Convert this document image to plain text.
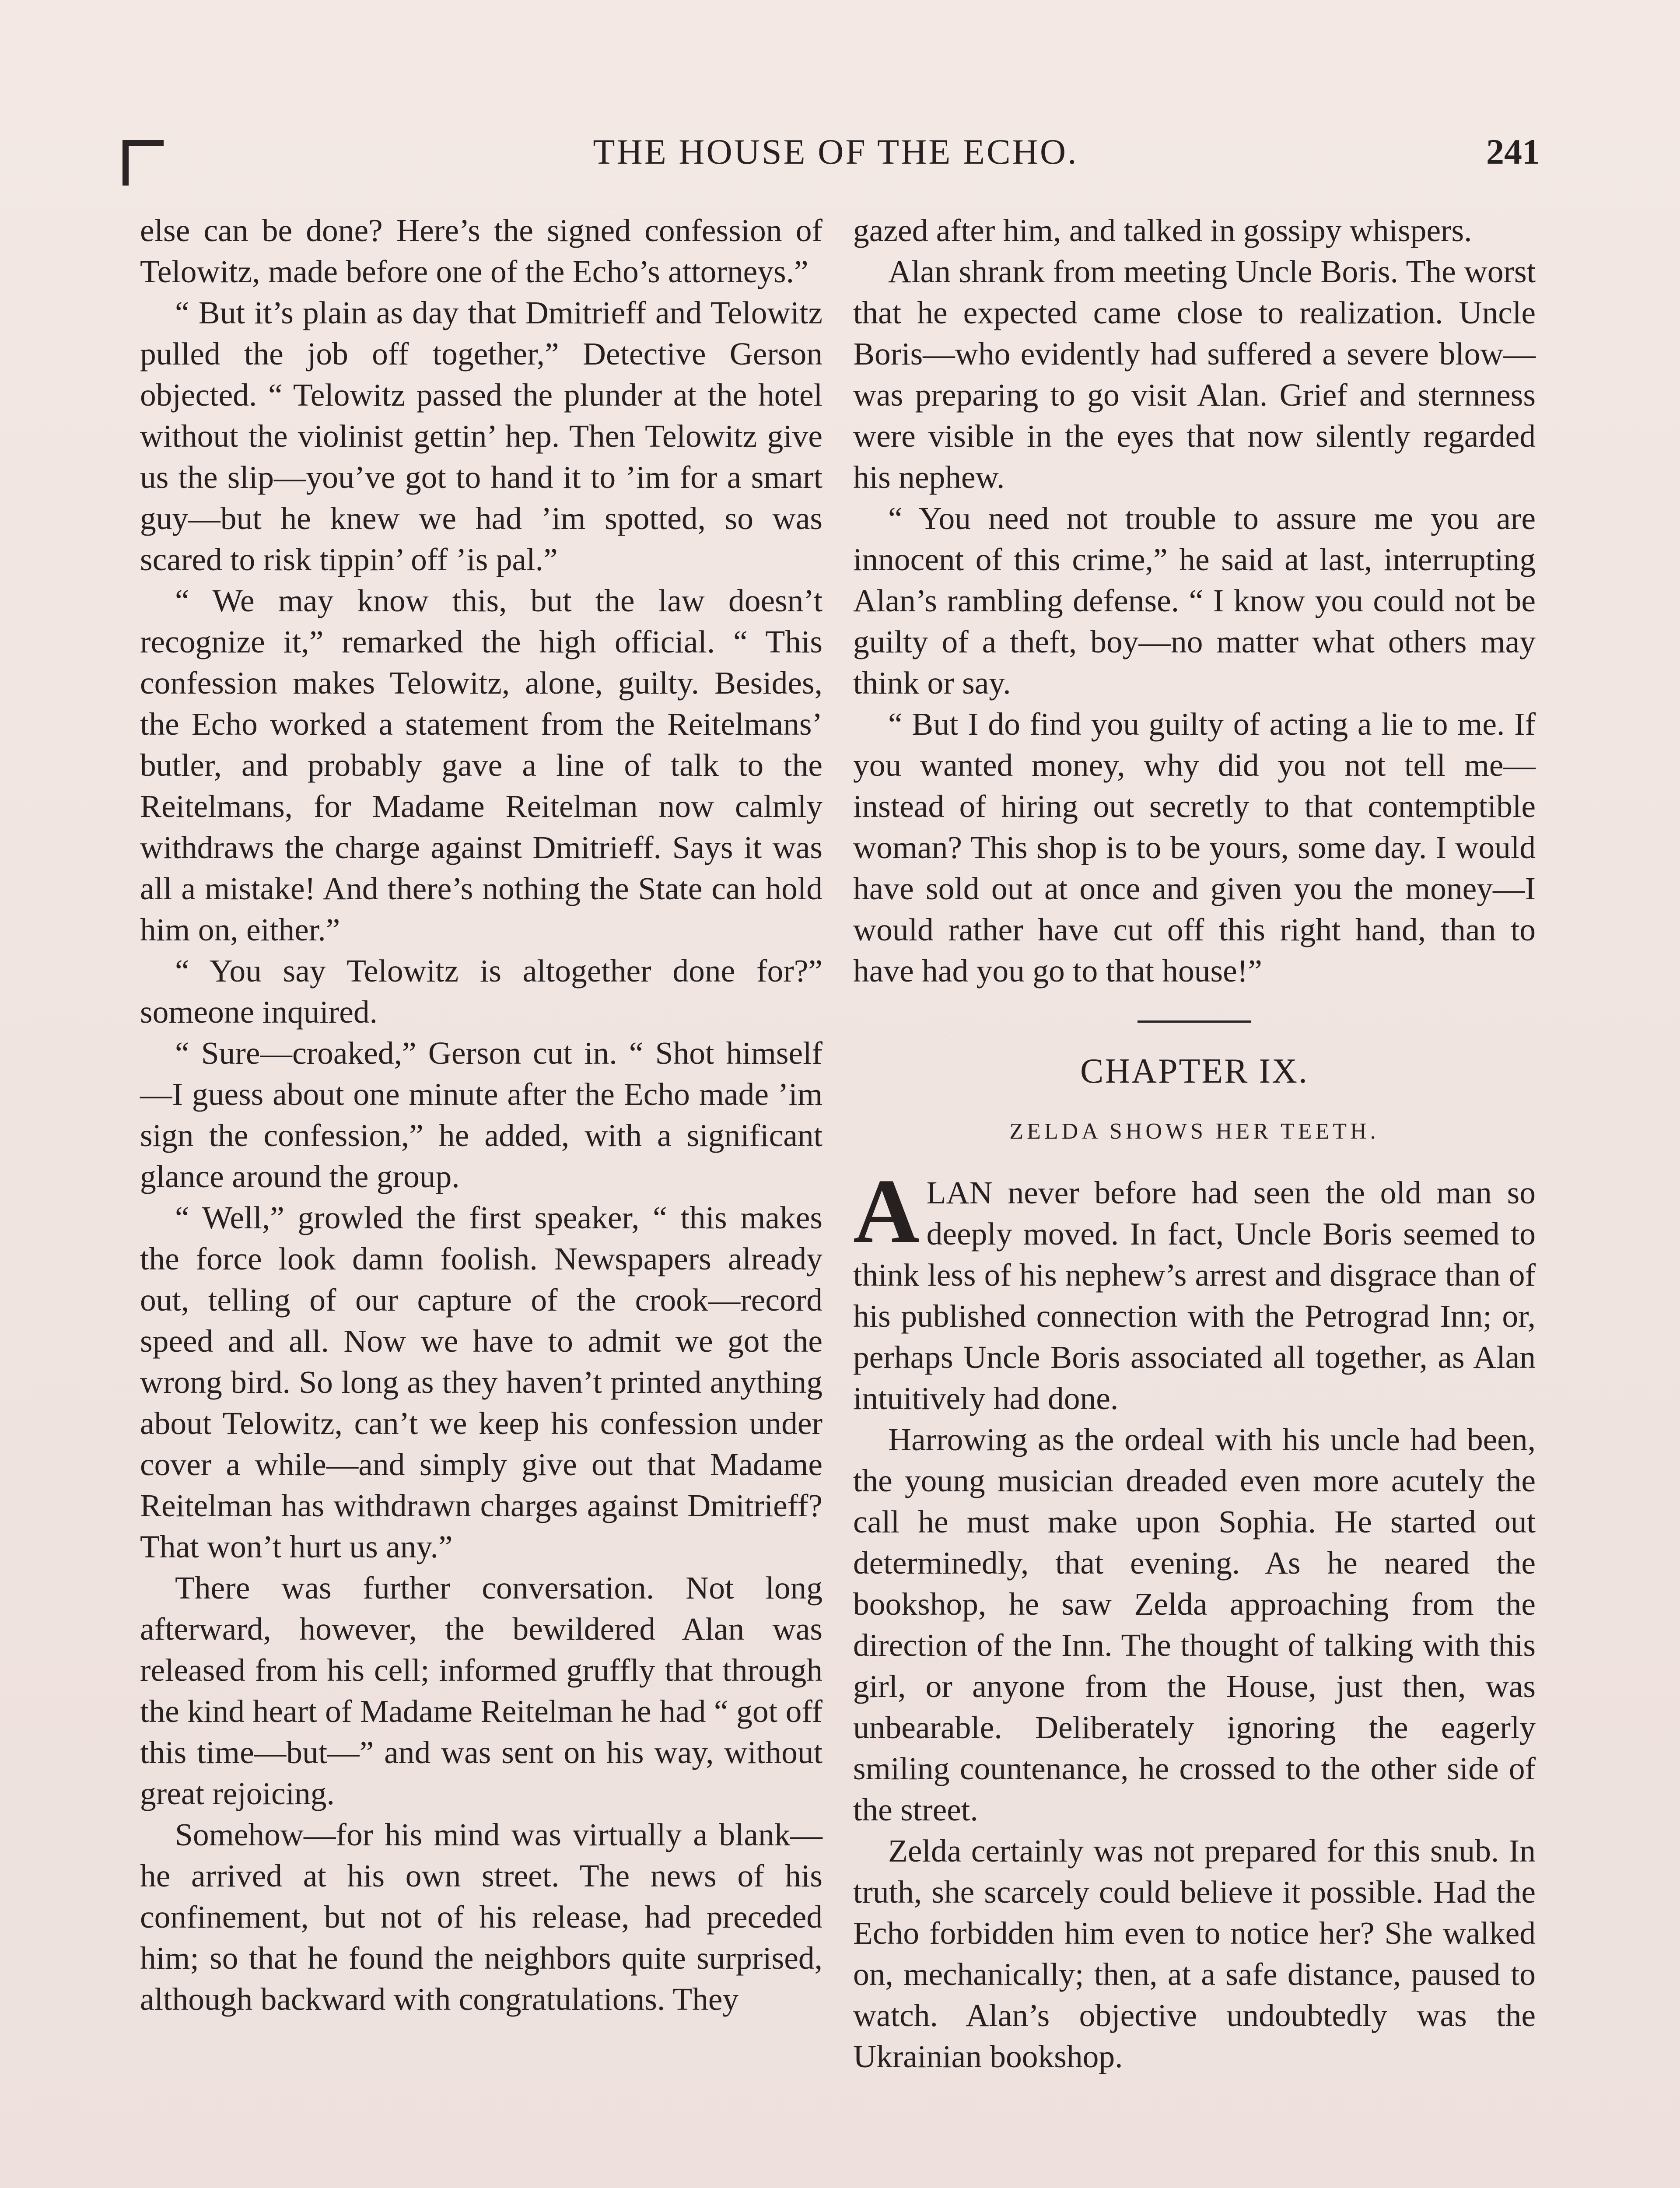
THE HOUSE OF THE ECHO.	241

else can be done? Here’s the signed confession of Telowitz, made before one of the Echo’s attorneys.”

“ But it’s plain as day that Dmitrieff and Telowitz pulled the job off together,” Detective Gerson objected. “ Telowitz passed the plunder at the hotel without the violinist gettin’ hep. Then Telowitz give us the slip—you’ve got to hand it to ’im for a smart guy—but he knew we had ’im spotted, so was scared to risk tippin’ off ’is pal.”

“ We may know this, but the law doesn’t recognize it,” remarked the high official. “ This confession makes Telowitz, alone, guilty. Besides, the Echo worked a statement from the Reitelmans’ butler, and probably gave a line of talk to the Reitelmans, for Madame Reitelman now calmly withdraws the charge against Dmitrieff. Says it was all a mistake! And there’s nothing the State can hold him on, either.”

“ You say Telowitz is altogether done for?” someone inquired.

“ Sure—croaked,” Gerson cut in. “ Shot himself—I guess about one minute after the Echo made ’im sign the confession,” he added, with a significant glance around the group.

“ Well,” growled the first speaker, “ this makes the force look damn foolish. Newspapers already out, telling of our capture of the crook—record speed and all. Now we have to admit we got the wrong bird. So long as they haven’t printed anything about Telowitz, can’t we keep his confession under cover a while—and simply give out that Madame Reitelman has withdrawn charges against Dmitrieff? That won’t hurt us any.”

There was further conversation. Not long afterward, however, the bewildered Alan was released from his cell; informed gruffly that through the kind heart of Madame Reitelman he had “ got off this time—but—” and was sent on his way, without great rejoicing.

Somehow—for his mind was virtually a blank—he arrived at his own street. The news of his confinement, but not of his release, had preceded him; so that he found the neighbors quite surprised, although backward with congratulations. They

gazed after him, and talked in gossipy whispers.

Alan shrank from meeting Uncle Boris. The worst that he expected came close to realization. Uncle Boris—who evidently had suffered a severe blow—was preparing to go visit Alan. Grief and sternness were visible in the eyes that now silently regarded his nephew.

“ You need not trouble to assure me you are innocent of this crime,” he said at last, interrupting Alan’s rambling defense. “ I know you could not be guilty of a theft, boy—no matter what others may think or say.

“ But I do find you guilty of acting a lie to me. If you wanted money, why did you not tell me—instead of hiring out secretly to that contemptible woman? This shop is to be yours, some day. I would have sold out at once and given you the money—I would rather have cut off this right hand, than to have had you go to that house!”

CHAPTER IX.
ZELDA SHOWS HER TEETH.

ALAN never before had seen the old man so deeply moved. In fact, Uncle Boris seemed to think less of his nephew’s arrest and disgrace than of his published connection with the Petrograd Inn; or, perhaps Uncle Boris associated all together, as Alan intuitively had done.

Harrowing as the ordeal with his uncle had been, the young musician dreaded even more acutely the call he must make upon Sophia. He started out determinedly, that evening. As he neared the bookshop, he saw Zelda approaching from the direction of the Inn. The thought of talking with this girl, or anyone from the House, just then, was unbearable. Deliberately ignoring the eagerly smiling countenance, he crossed to the other side of the street.

Zelda certainly was not prepared for this snub. In truth, she scarcely could believe it possible. Had the Echo forbidden him even to notice her? She walked on, mechanically; then, at a safe distance, paused to watch. Alan’s objective undoubtedly was the Ukrainian bookshop.
